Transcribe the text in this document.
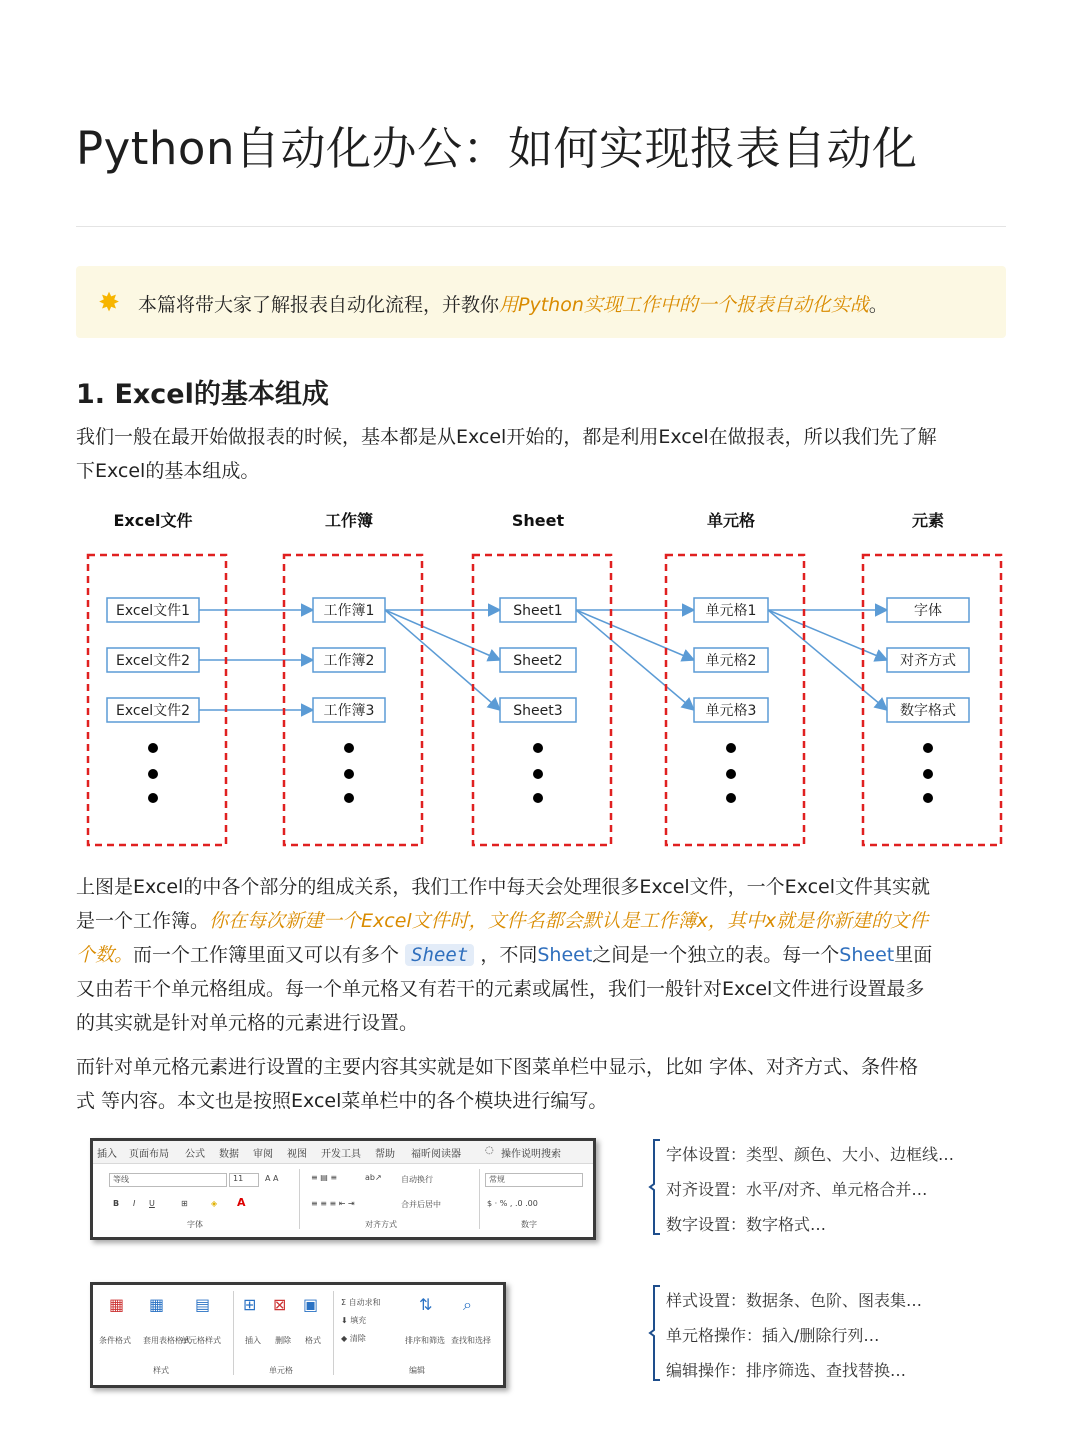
Python自动化办公：如何实现报表自动化
✸ 本篇将带大家了解报表自动化流程，并教你用Python实现工作中的一个报表自动化实战。
1. Excel的基本组成
我们一般在最开始做报表的时候，基本都是从Excel开始的，都是利用Excel在做报表，所以我们先了解
下Excel的基本组成。
Excel文件
Excel文件1
Excel文件2
Excel文件2
工作簿
工作簿1
工作簿2
工作簿3
Sheet
Sheet1
Sheet2
Sheet3
单元格
单元格1
单元格2
单元格3
元素
字体
对齐方式
数字格式
上图是Excel的中各个部分的组成关系，我们工作中每天会处理很多Excel文件，一个Excel文件其实就
是一个工作簿。你在每次新建一个Excel文件时，文件名都会默认是工作簿x，其中x就是你新建的文件
个数。而一个工作簿里面又可以有多个 Sheet ，不同Sheet之间是一个独立的表。每一个Sheet里面
又由若干个单元格组成。每一个单元格又有若干的元素或属性，我们一般针对Excel文件进行设置最多
的其实就是针对单元格的元素进行设置。
而针对单元格元素进行设置的主要内容其实就是如下图菜单栏中显示，比如 字体、对齐方式、条件格
式 等内容。本文也是按照Excel菜单栏中的各个模块进行编写。
插入 页面布局 公式 数据 审阅 视图 开发工具 帮助 福昕阅读器 ◌ 操作说明搜索
等线	11	A A
B I U	⊞	◈ A
字体
≡ ▤ ≡	ab↗ 自动换行
≡ ≡ ≡ ⇤ ⇥	合并后居中
对齐方式
常规
$ · % , .0 .00
数字
字体设置：类型、颜色、大小、边框线…
对齐设置：水平/对齐、单元格合并…
数字设置：数字格式…
▦ ▦ ▤
条件格式 套用表格格式
单元格样式
样式
⊞ ⊠ ▣
插入 删除 格式
单元格
Σ 自动求和
⬇ 填充
◆ 清除
⇅ ⌕
排序和筛选 查找和选择
编辑
样式设置：数据条、色阶、图表集…
单元格操作：插入/删除行列…
编辑操作：排序筛选、查找替换…
